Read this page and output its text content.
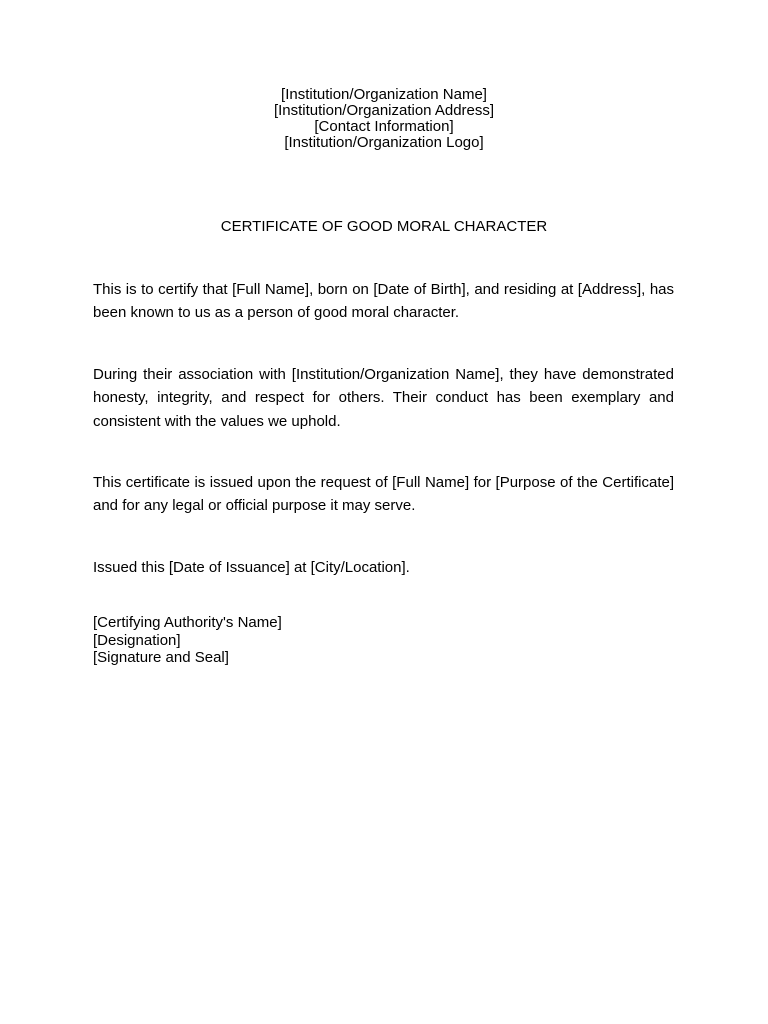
[Institution/Organization Name]
[Institution/Organization Address]
[Contact Information]
[Institution/Organization Logo]
CERTIFICATE OF GOOD MORAL CHARACTER
This is to certify that [Full Name], born on [Date of Birth], and residing at [Address], has been known to us as a person of good moral character.
During their association with [Institution/Organization Name], they have demonstrated honesty, integrity, and respect for others. Their conduct has been exemplary and consistent with the values we uphold.
This certificate is issued upon the request of [Full Name] for [Purpose of the Certificate] and for any legal or official purpose it may serve.
Issued this [Date of Issuance] at [City/Location].
[Certifying Authority's Name]
[Designation]
[Signature and Seal]
